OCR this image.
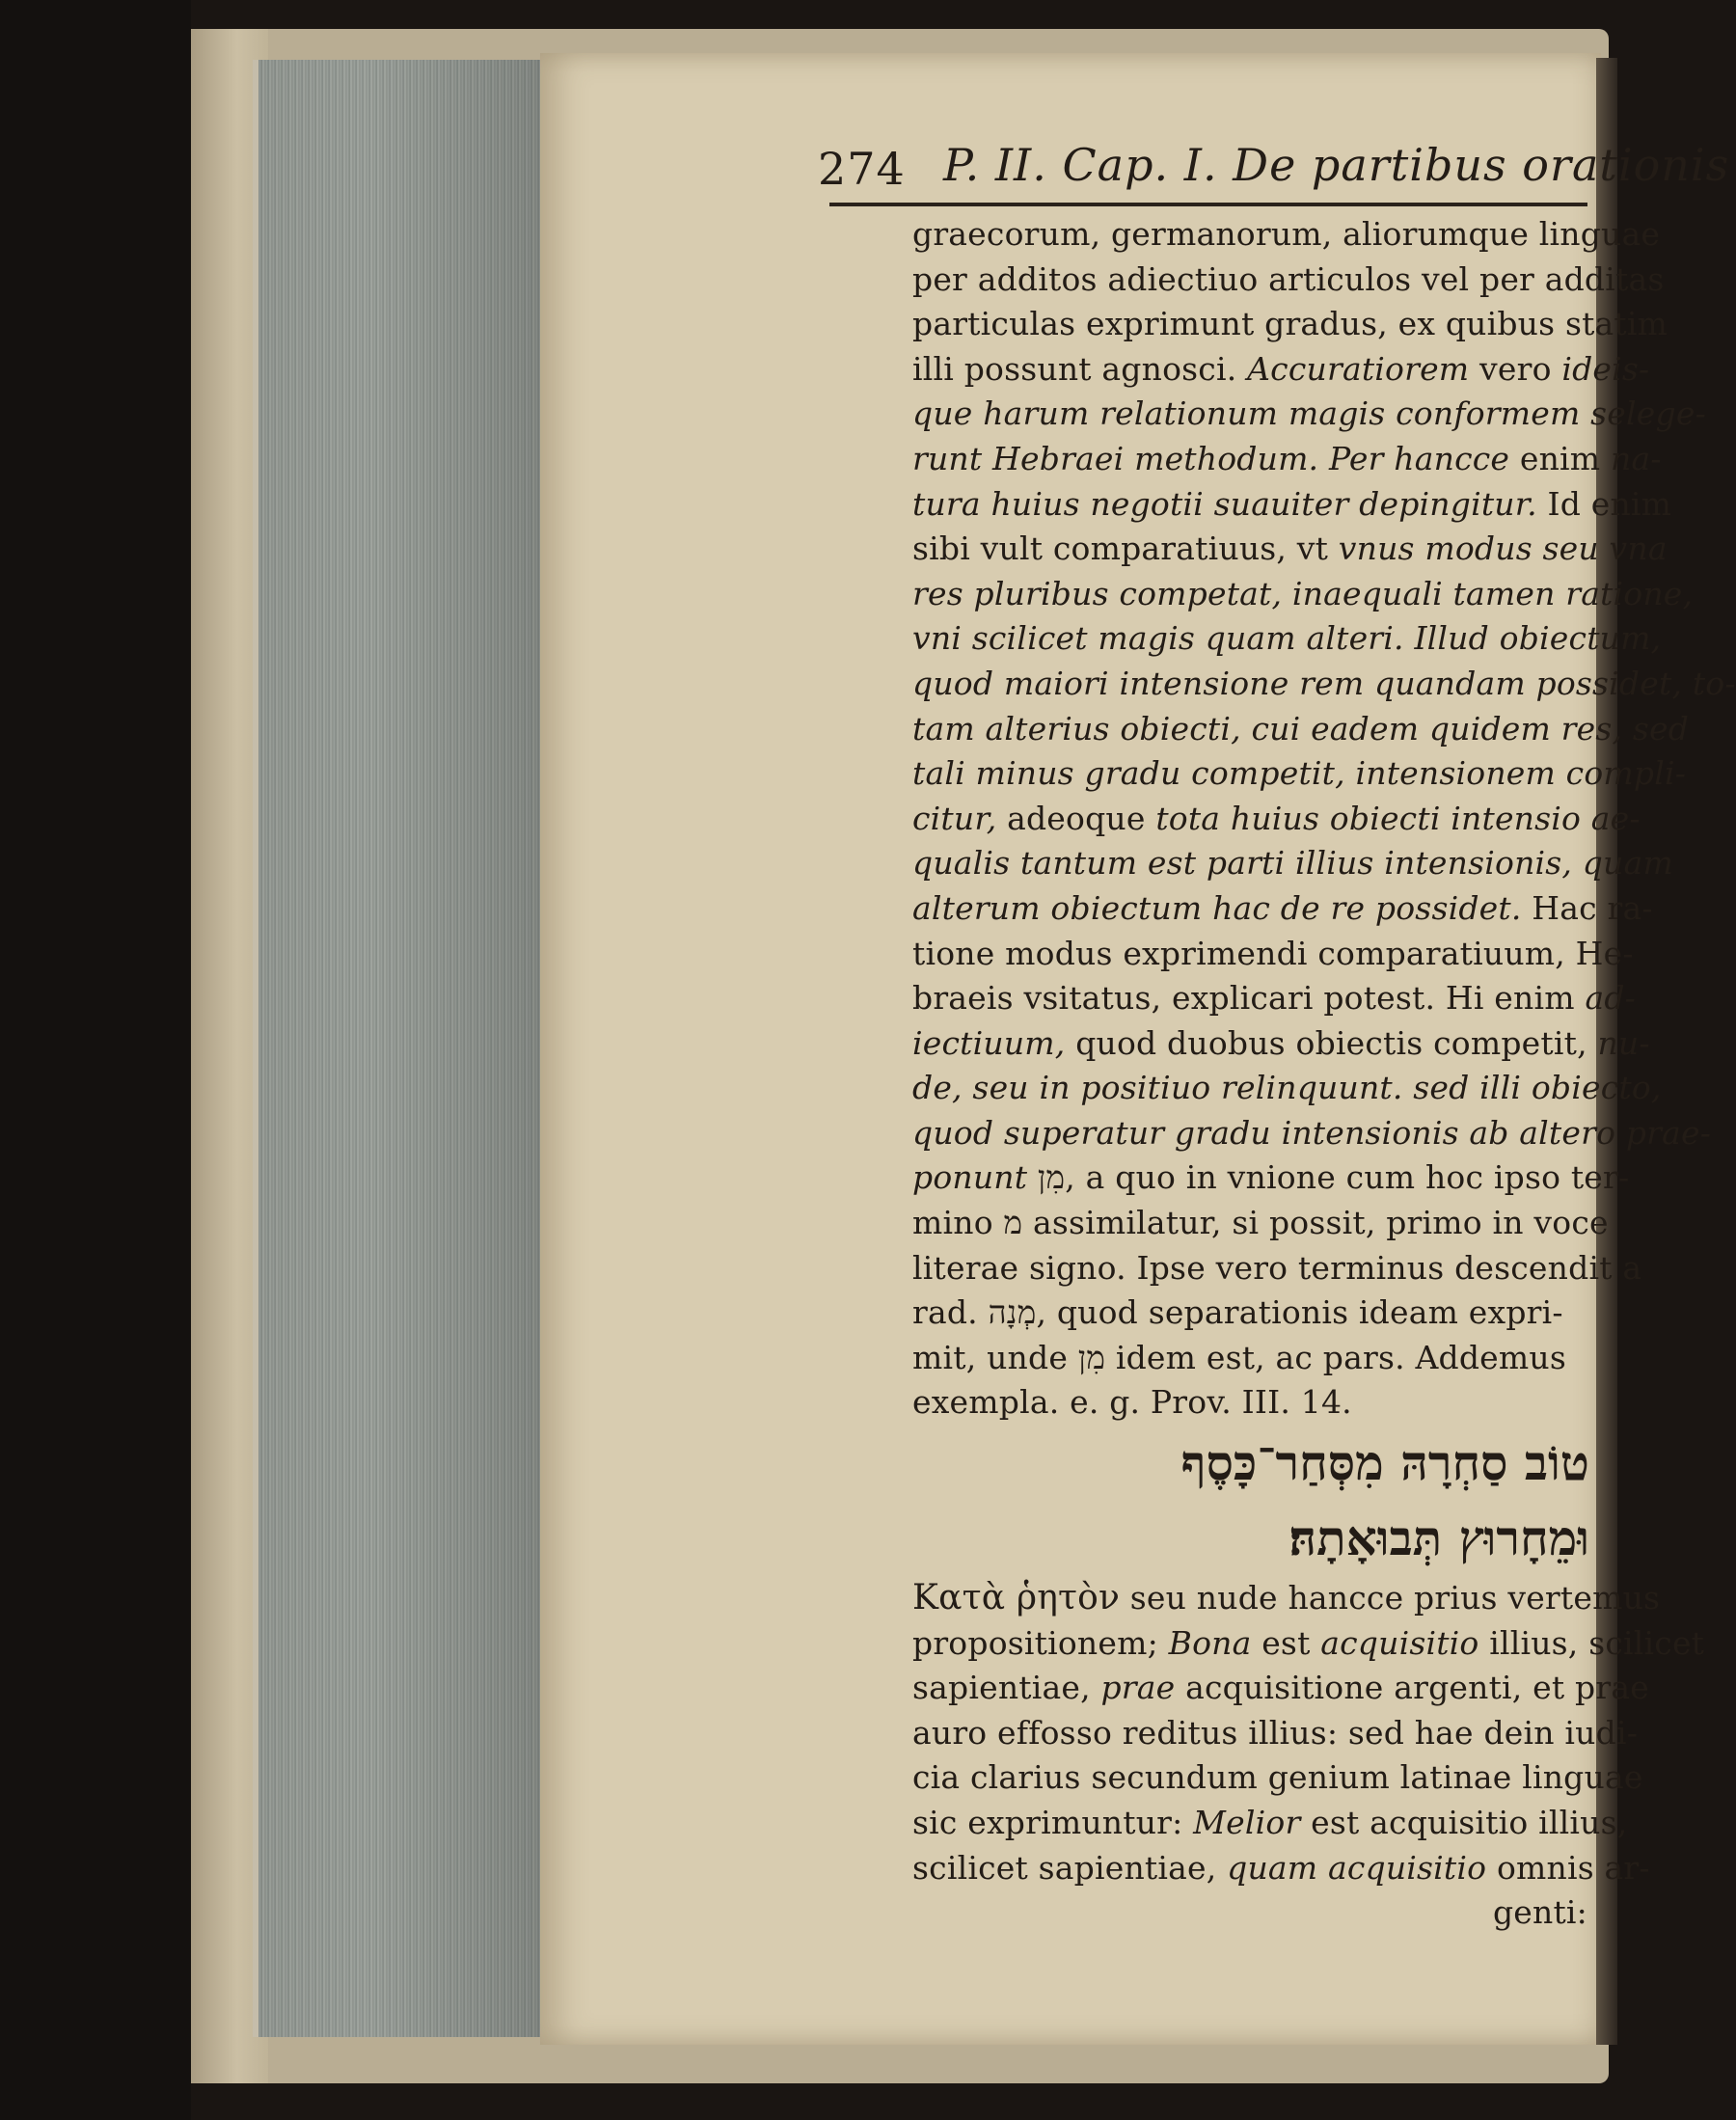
274 P. II. Cap. I. De partibus orationis
graecorum, germanorum, aliorumque linguae
per additos adiectiuo articulos vel per additas
particulas exprimunt gradus, ex quibus statim
illi possunt agnosci. Accuratiorem vero ideis-
que harum relationum magis conformem selege-
runt Hebraei methodum. Per hancce enim na-
tura huius negotii suauiter depingitur. Id enim
sibi vult comparatiuus, vt vnus modus seu vna
res pluribus competat, inaequali tamen ratione,
vni scilicet magis quam alteri. Illud obiectum,
quod maiori intensione rem quandam possidet, to-
tam alterius obiecti, cui eadem quidem res, sed
tali minus gradu competit, intensionem compli-
citur, adeoque tota huius obiecti intensio ae-
qualis tantum est parti illius intensionis, quam
alterum obiectum hac de re possidet. Hac ra-
tione modus exprimendi comparatiuum, He-
braeis vsitatus, explicari potest. Hi enim ad-
iectiuum, quod duobus obiectis competit, nu-
de, seu in positiuo relinquunt. sed illi obiecto,
quod superatur gradu intensionis ab altero prae-
ponunt מִן, a quo in vnione cum hoc ipso ter-
mino מ assimilatur, si possit, primo in voce
literae signo. Ipse vero terminus descendit a
rad. מְנָה, quod separationis ideam expri-
mit, unde מִן idem est, ac pars. Addemus
exempla. e. g. Prov. III. 14.
טוֹב סַחְרָהּ מִסְּחַר־כָּסֶף
וּמֵחָרוּץ תְּבוּאָתָהּ׃
Κατὰ ῥητὸν seu nude hancce prius vertemus
propositionem; Bona est acquisitio illius, scilicet
sapientiae, prae acquisitione argenti, et prae
auro effosso reditus illius: sed hae dein iudi-
cia clarius secundum genium latinae linguae
sic exprimuntur: Melior est acquisitio illius,
scilicet sapientiae, quam acquisitio omnis ar-
genti:
